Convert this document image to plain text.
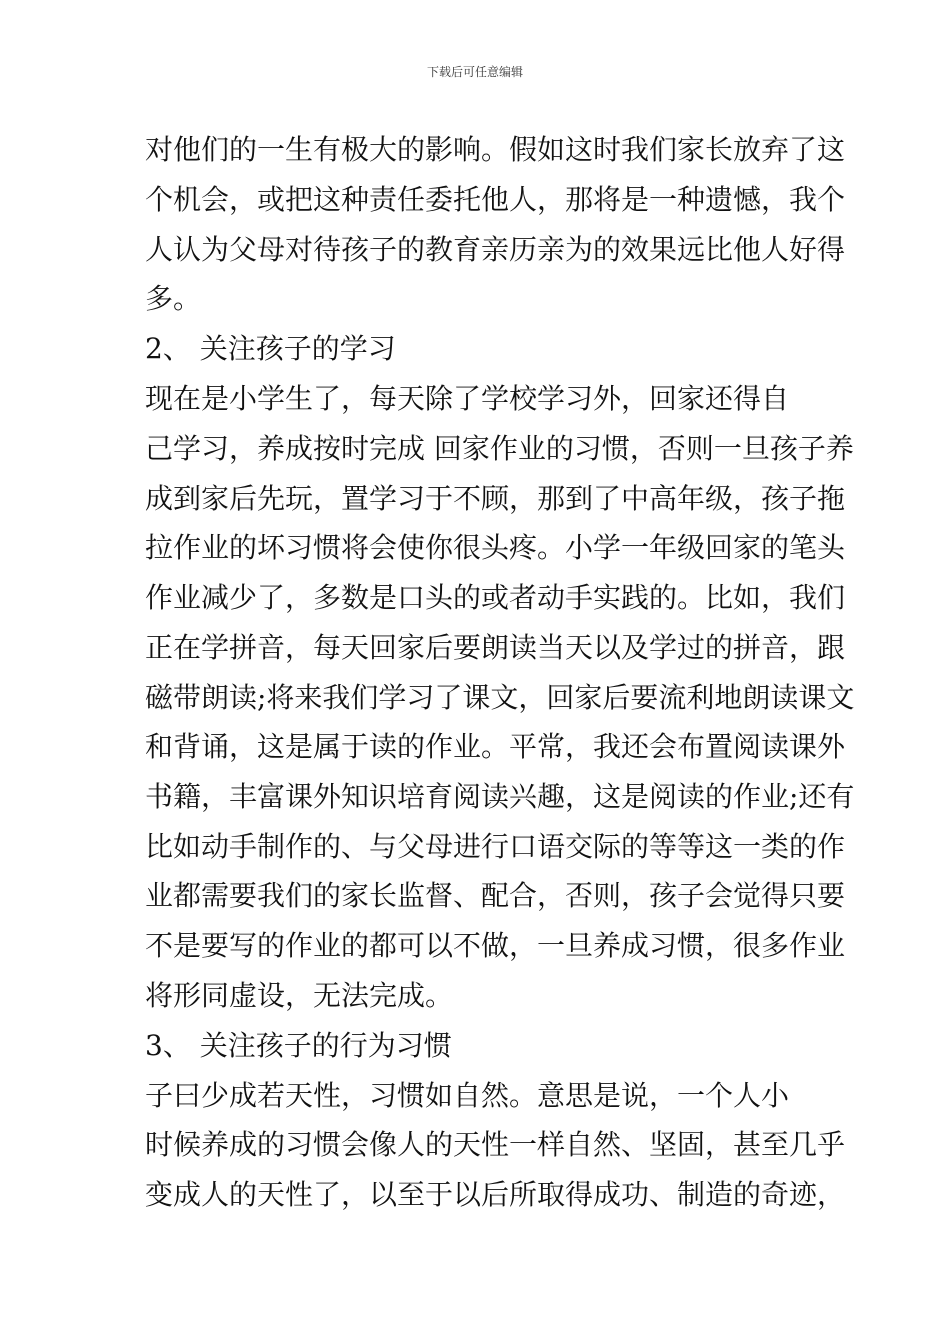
下载后可任意编辑
对他们的一生有极大的影响。假如这时我们家长放弃了这
个机会，或把这种责任委托他人，那将是一种遗憾，我个
人认为父母对待孩子的教育亲历亲为的效果远比他人好得
多。
2、 关注孩子的学习
现在是小学生了，每天除了学校学习外，回家还得自
己学习，养成按时完成 回家作业的习惯，否则一旦孩子养
成到家后先玩，置学习于不顾，那到了中高年级，孩子拖
拉作业的坏习惯将会使你很头疼。小学一年级回家的笔头
作业减少了，多数是口头的或者动手实践的。比如，我们
正在学拼音，每天回家后要朗读当天以及学过的拼音，跟
磁带朗读;将来我们学习了课文，回家后要流利地朗读课文
和背诵，这是属于读的作业。平常，我还会布置阅读课外
书籍，丰富课外知识培育阅读兴趣，这是阅读的作业;还有
比如动手制作的、与父母进行口语交际的等等这一类的作
业都需要我们的家长监督、配合，否则，孩子会觉得只要
不是要写的作业的都可以不做，一旦养成习惯，很多作业
将形同虚设，无法完成。
3、 关注孩子的行为习惯
子曰少成若天性，习惯如自然。意思是说，一个人小
时候养成的习惯会像人的天性一样自然、坚固，甚至几乎
变成人的天性了，以至于以后所取得成功、制造的奇迹，
